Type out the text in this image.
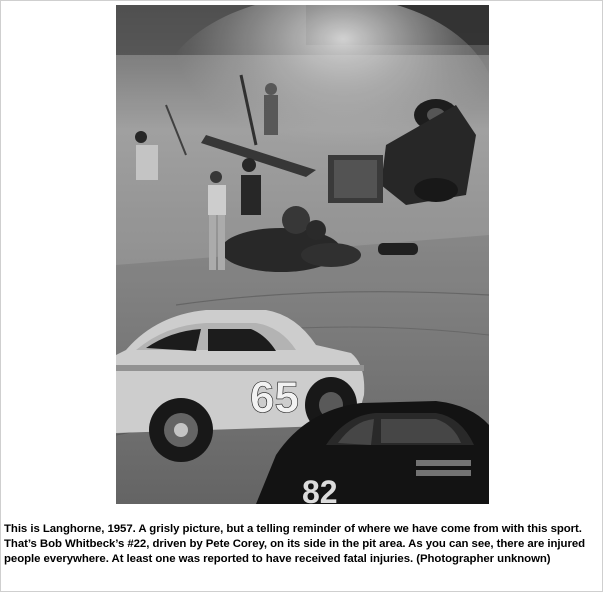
65
82

This is Langhorne, 1957. A grisly picture, but a telling reminder of where we have come from with this sport. That’s Bob Whitbeck’s #22, driven by Pete Corey, on its side in the pit area. As you can see, there are injured people everywhere. At least one was reported to have received fatal injuries. (Photographer unknown)
